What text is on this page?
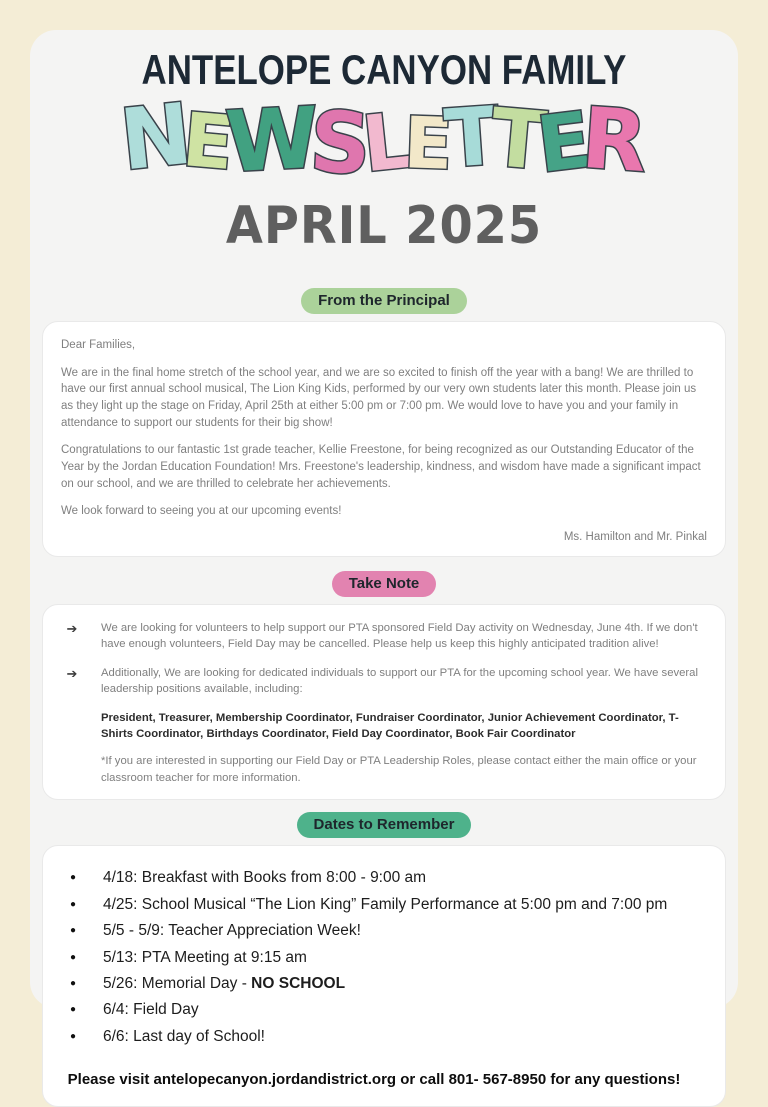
ANTELOPE CANYON FAMILY
N
E
W
S
L
E
T
T
E
R
APRIL 2025
From the Principal

Dear Families,

We are in the final home stretch of the school year, and we are so excited to finish off the year with a bang! We are thrilled to have our first annual school musical, The Lion King Kids, performed by our very own students later this month. Please join us as they light up the stage on Friday, April 25th at either 5:00 pm or 7:00 pm. We would love to have you and your family in attendance to support our students for their big show!

Congratulations to our fantastic 1st grade teacher, Kellie Freestone, for being recognized as our Outstanding Educator of the Year by the Jordan Education Foundation! Mrs. Freestone's leadership, kindness, and wisdom have made a significant impact on our school, and we are thrilled to celebrate her achievements.

We look forward to seeing you at our upcoming events!

Ms. Hamilton and Mr. Pinkal

Take Note
➔	We are looking for volunteers to help support our PTA sponsored Field Day activity on Wednesday, June 4th. If we don't have enough volunteers, Field Day may be cancelled. Please help us keep this highly anticipated tradition alive!

➔	Additionally, We are looking for dedicated individuals to support our PTA for the upcoming school year. We have several leadership positions available, including:

President, Treasurer, Membership Coordinator, Fundraiser Coordinator, Junior Achievement Coordinator, T-Shirts Coordinator, Birthdays Coordinator, Field Day Coordinator, Book Fair Coordinator

*If you are interested in supporting our Field Day or PTA Leadership Roles, please contact either the main office or your classroom teacher for more information.

Dates to Remember
●	4/18: Breakfast with Books from 8:00 - 9:00 am
●	4/25: School Musical “The Lion King” Family Performance at 5:00 pm and 7:00 pm
●	5/5 - 5/9: Teacher Appreciation Week!
●	5/13: PTA Meeting at 9:15 am
●	5/26: Memorial Day - NO SCHOOL
●	6/4: Field Day
●	6/6: Last day of School!
Please visit antelopecanyon.jordandistrict.org or call 801- 567-8950 for any questions!
